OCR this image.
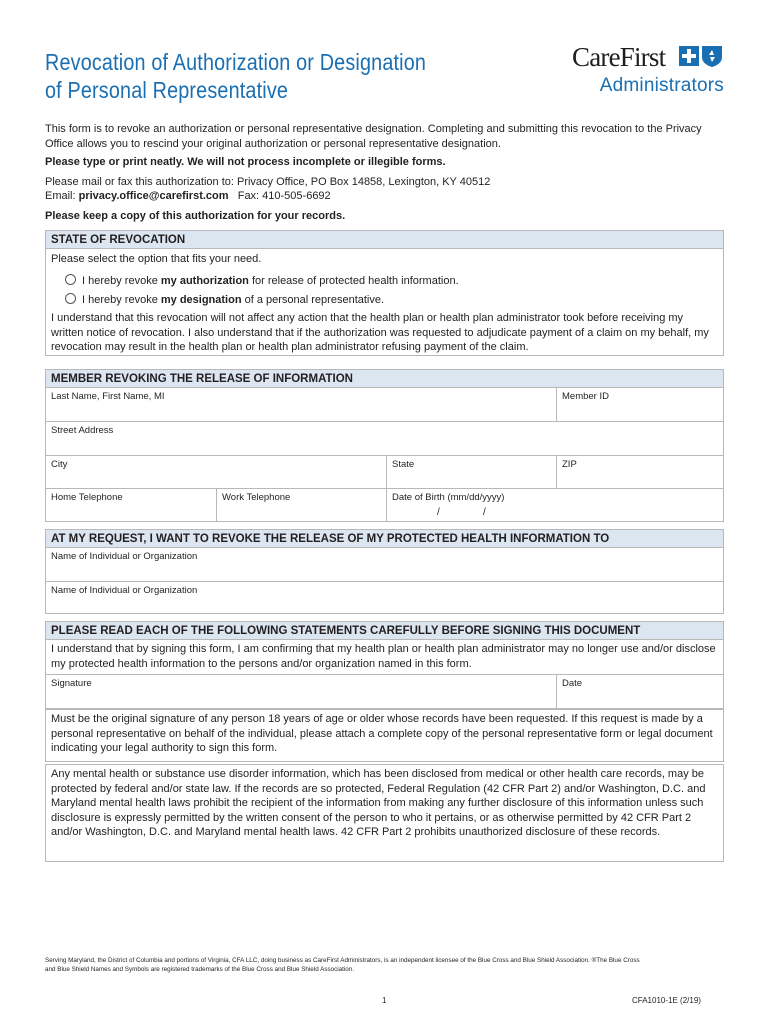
Revocation of Authorization or Designation
of Personal Representative
CareFirst
Administrators
This form is to revoke an authorization or personal representative designation. Completing and submitting this revocation to the Privacy Office allows you to rescind your original authorization or personal representative designation.
Please type or print neatly. We will not process incomplete or illegible forms.
Please mail or fax this authorization to: Privacy Office, PO Box 14858, Lexington, KY 40512
Email: privacy.office@carefirst.com Fax: 410-505-6692
Please keep a copy of this authorization for your records.
STATE OF REVOCATION
Please select the option that fits your need.
I hereby revoke my authorization for release of protected health information.
I hereby revoke my designation of a personal representative.
I understand that this revocation will not affect any action that the health plan or health plan administrator took before receiving my written notice of revocation. I also understand that if the authorization was requested to adjudicate payment of a claim on my behalf, my revocation may result in the health plan or health plan administrator refusing payment of the claim.
MEMBER REVOKING THE RELEASE OF INFORMATION
Last Name, First Name, MI	Member ID
Street Address
City	State	ZIP
Home Telephone	Work Telephone	Date of Birth (mm/dd/yyyy)
/	/
AT MY REQUEST, I WANT TO REVOKE THE RELEASE OF MY PROTECTED HEALTH INFORMATION TO
Name of Individual or Organization
Name of Individual or Organization
PLEASE READ EACH OF THE FOLLOWING STATEMENTS CAREFULLY BEFORE SIGNING THIS DOCUMENT
I understand that by signing this form, I am confirming that my health plan or health plan administrator may no longer use and/or disclose my protected health information to the persons and/or organization named in this form.
Signature	Date
Must be the original signature of any person 18 years of age or older whose records have been requested. If this request is made by a personal representative on behalf of the individual, please attach a complete copy of the personal representative form or legal document indicating your legal authority to sign this form.
Any mental health or substance use disorder information, which has been disclosed from medical or other health care records, may be protected by federal and/or state law. If the records are so protected, Federal Regulation (42 CFR Part 2) and/or Washington, D.C. and Maryland mental health laws prohibit the recipient of the information from making any further disclosure of this information unless such disclosure is expressly permitted by the written consent of the person to who it pertains, or as otherwise permitted by 42 CFR Part 2 and/or Washington, D.C. and Maryland mental health laws. 42 CFR Part 2 prohibits unauthorized disclosure of these records.
Serving Maryland, the District of Columbia and portions of Virginia, CFA LLC, doing business as CareFirst Administrators, is an independent licensee of the Blue Cross and Blue Shield Association. ®The Blue Cross and Blue Shield Names and Symbols are registered trademarks of the Blue Cross and Blue Shield Association.
1	CFA1010-1E (2/19)
